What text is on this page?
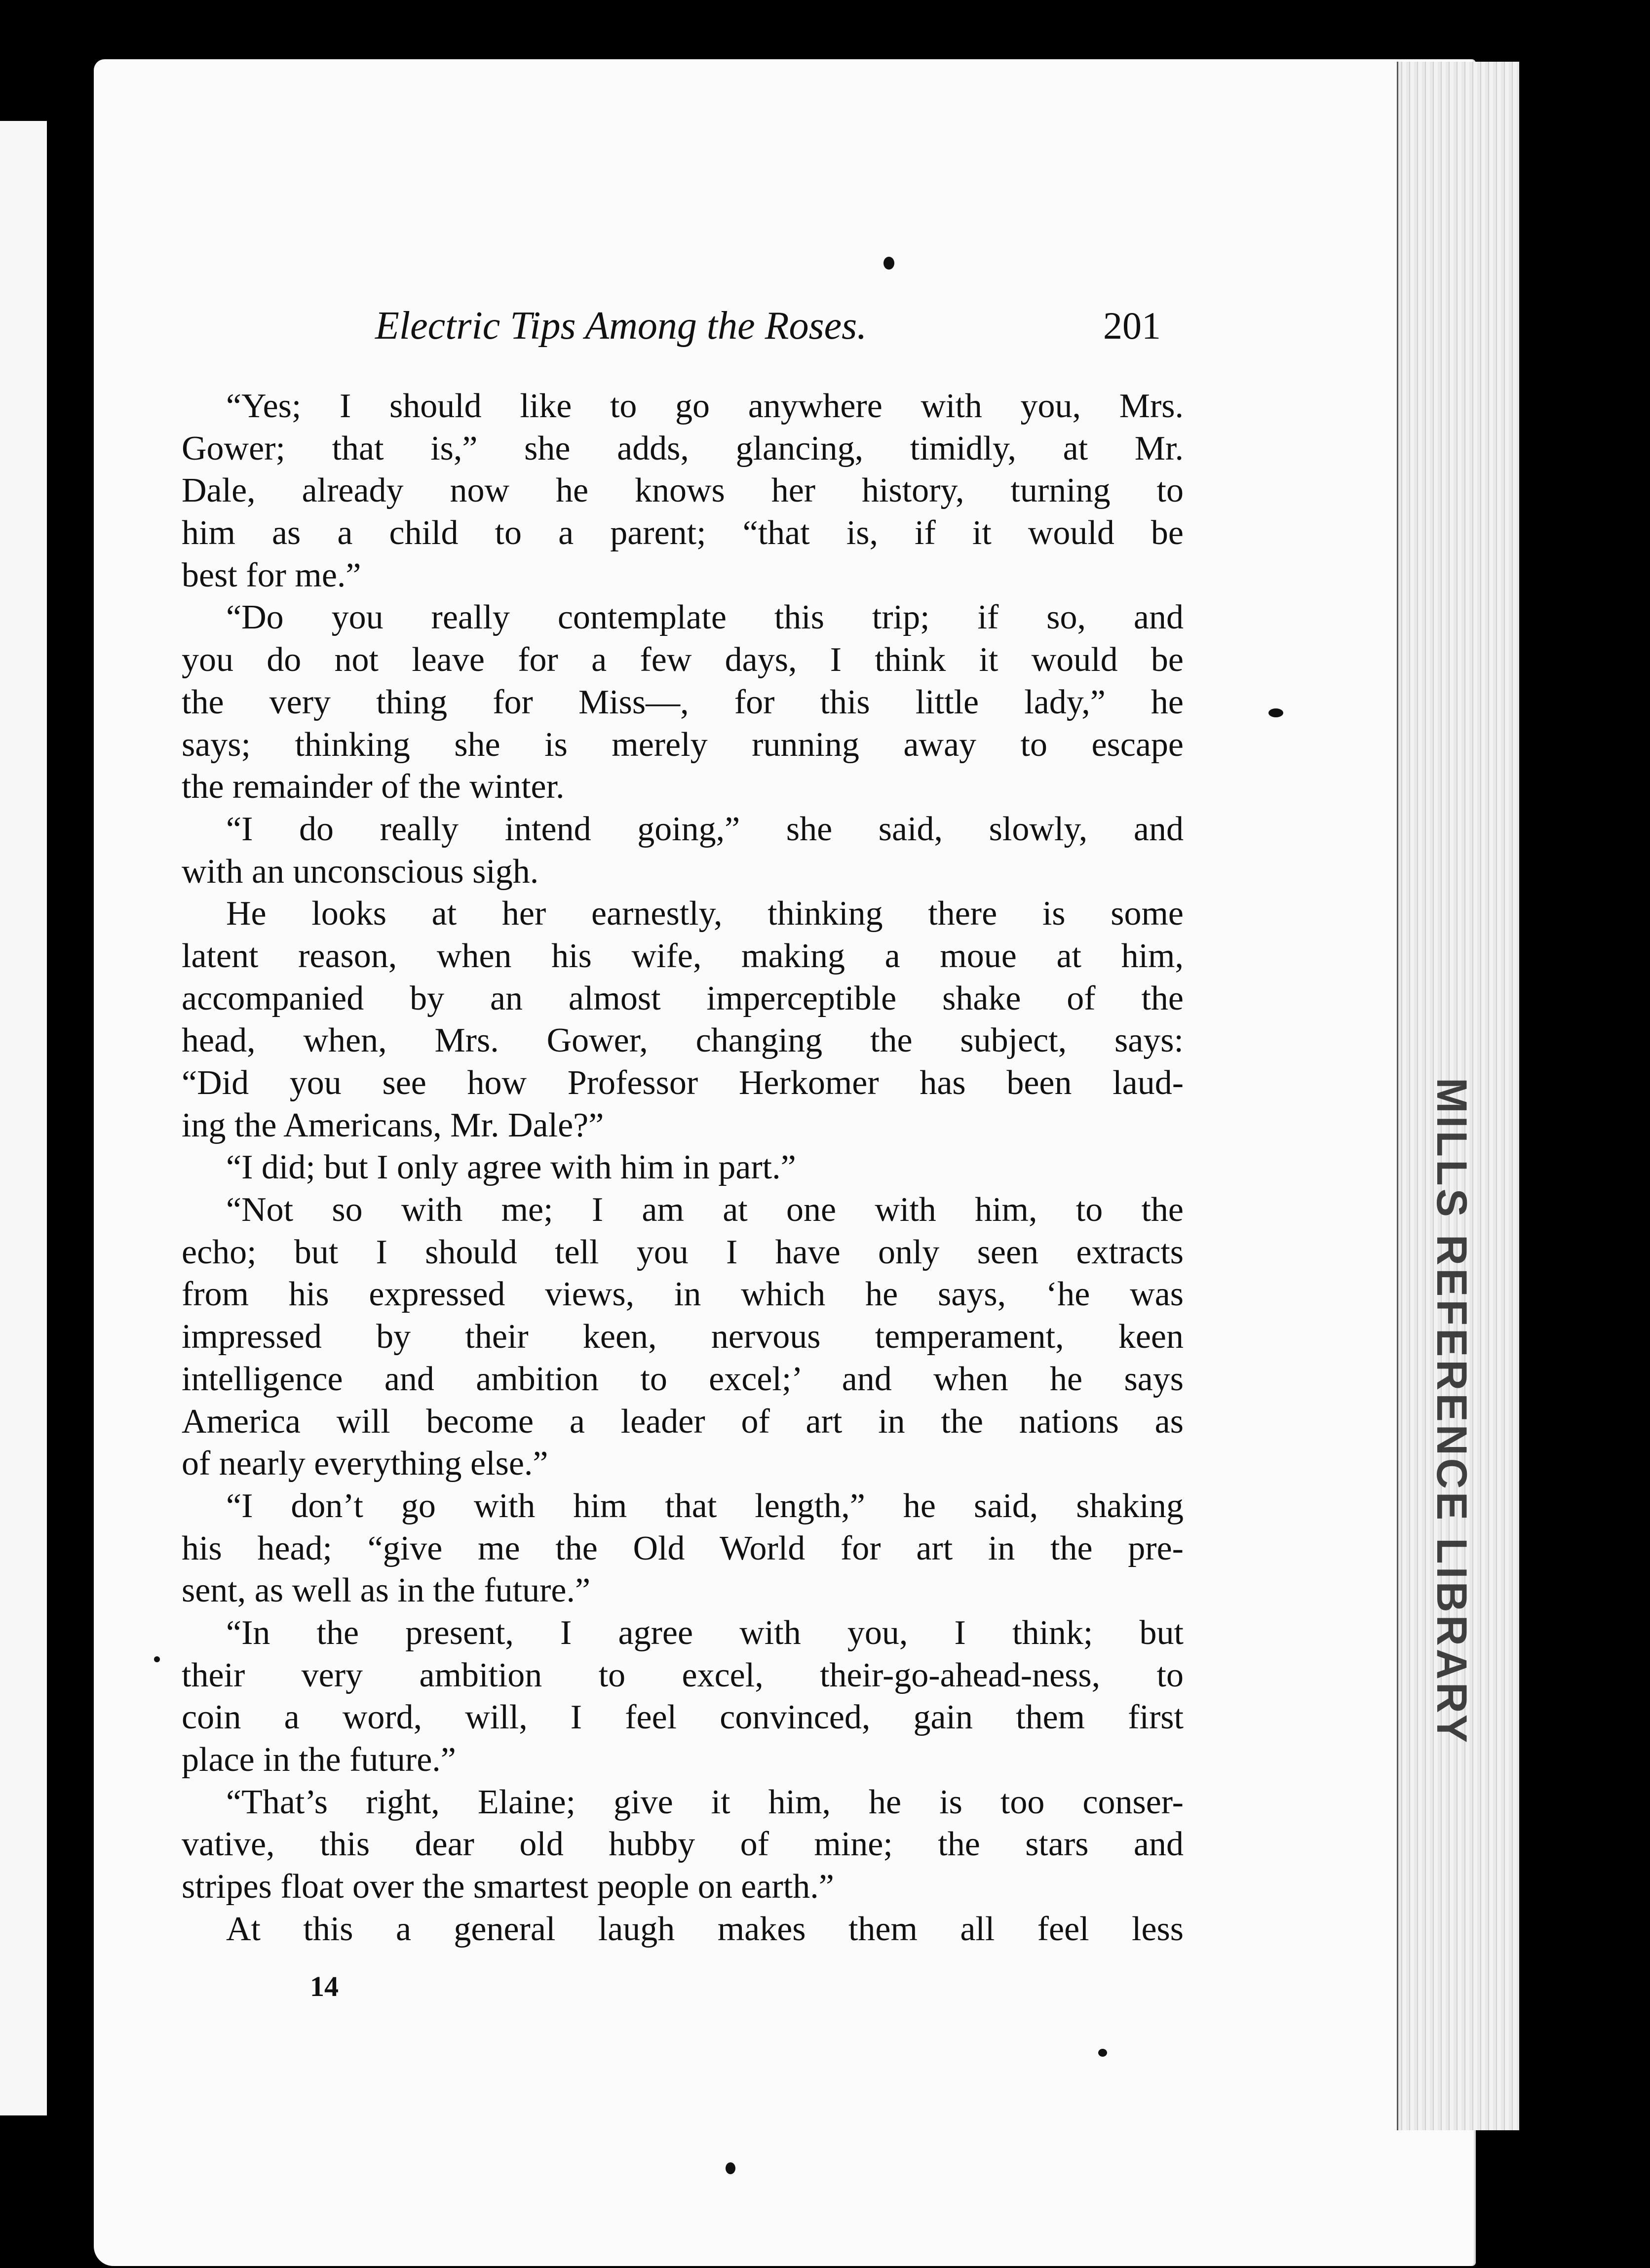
MILLS REFERENCE LIBRARY
Electric Tips Among the Roses.	201
“Yes; I should like to go anywhere with you, Mrs.
Gower; that is,” she adds, glancing, timidly, at Mr.
Dale, already now he knows her history, turning to
him as a child to a parent; “that is, if it would be
best for me.”
“Do you really contemplate this trip; if so, and
you do not leave for a few days, I think it would be
the very thing for Miss—, for this little lady,” he
says; thinking she is merely running away to escape
the remainder of the winter.
“I do really intend going,” she said, slowly, and
with an unconscious sigh.
He looks at her earnestly, thinking there is some
latent reason, when his wife, making a moue at him,
accompanied by an almost imperceptible shake of the
head, when, Mrs. Gower, changing the subject, says:
“Did you see how Professor Herkomer has been laud-
ing the Americans, Mr. Dale?”
“I did; but I only agree with him in part.”
“Not so with me; I am at one with him, to the
echo; but I should tell you I have only seen extracts
from his expressed views, in which he says, ‘he was
impressed by their keen, nervous temperament, keen
intelligence and ambition to excel;’ and when he says
America will become a leader of art in the nations as
of nearly everything else.”
“I don’t go with him that length,” he said, shaking
his head; “give me the Old World for art in the pre-
sent, as well as in the future.”
“In the present, I agree with you, I think; but
their very ambition to excel, their-go-ahead-ness, to
coin a word, will, I feel convinced, gain them first
place in the future.”
“That’s right, Elaine; give it him, he is too conser-
vative, this dear old hubby of mine; the stars and
stripes float over the smartest people on earth.”
At this a general laugh makes them all feel less
14
